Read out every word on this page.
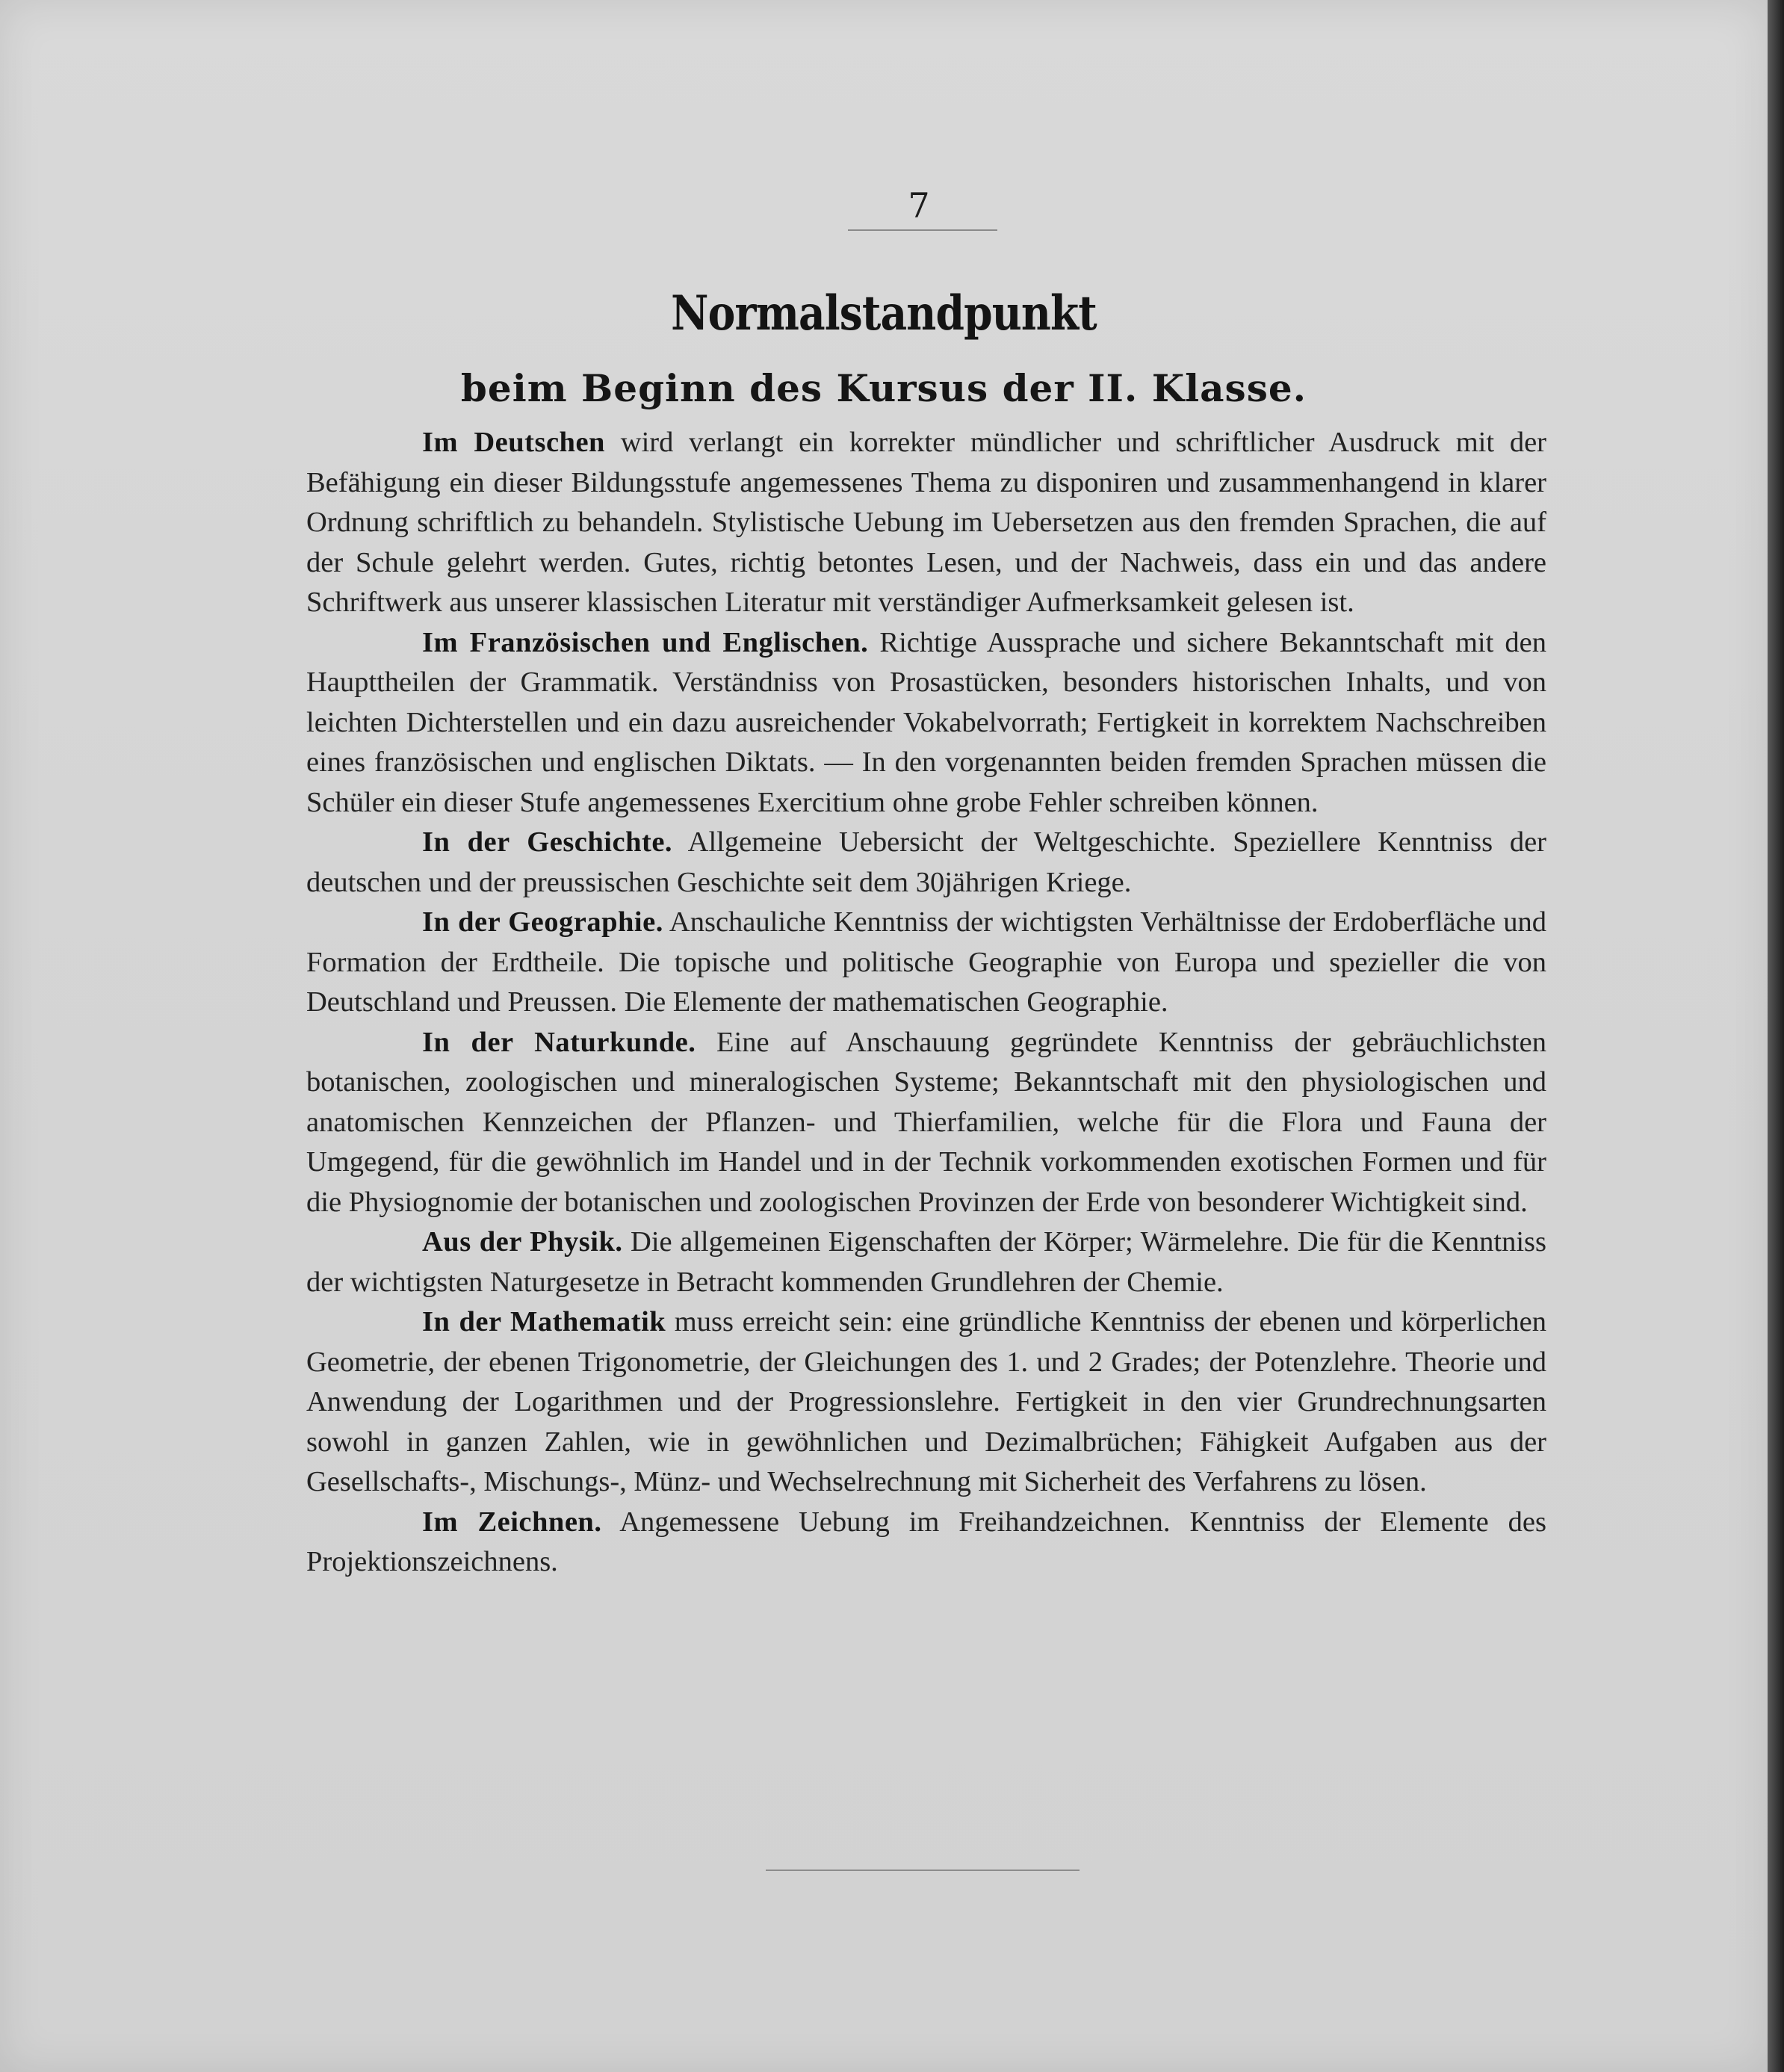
7
Normalstandpunkt
beim Beginn des Kursus der II. Klasse.

Im Deutschen wird verlangt ein korrekter mündlicher und schriftlicher Ausdruck mit der Befähigung ein dieser Bildungsstufe angemessenes Thema zu disponiren und zusammenhangend in klarer Ordnung schriftlich zu behandeln. Stylistische Uebung im Uebersetzen aus den fremden Sprachen, die auf der Schule gelehrt werden. Gutes, richtig betontes Lesen, und der Nachweis, dass ein und das andere Schriftwerk aus unserer klassischen Literatur mit verständiger Aufmerksamkeit gelesen ist.

Im Französischen und Englischen. Richtige Aussprache und sichere Bekanntschaft mit den Haupttheilen der Grammatik. Verständniss von Prosastücken, besonders historischen Inhalts, und von leichten Dichterstellen und ein dazu ausreichender Vokabelvorrath; Fertigkeit in korrektem Nachschreiben eines französischen und englischen Diktats. — In den vorgenannten beiden fremden Sprachen müssen die Schüler ein dieser Stufe angemessenes Exercitium ohne grobe Fehler schreiben können.

In der Geschichte. Allgemeine Uebersicht der Weltgeschichte. Speziellere Kenntniss der deutschen und der preussischen Geschichte seit dem 30jährigen Kriege.

In der Geographie. Anschauliche Kenntniss der wichtigsten Verhältnisse der Erdoberfläche und Formation der Erdtheile. Die topische und politische Geographie von Europa und spezieller die von Deutschland und Preussen. Die Elemente der mathematischen Geographie.

In der Naturkunde. Eine auf Anschauung gegründete Kenntniss der gebräuchlichsten botanischen, zoologischen und mineralogischen Systeme; Bekanntschaft mit den physiologischen und anatomischen Kennzeichen der Pflanzen- und Thierfamilien, welche für die Flora und Fauna der Umgegend, für die gewöhnlich im Handel und in der Technik vorkommenden exotischen Formen und für die Physiognomie der botanischen und zoologischen Provinzen der Erde von besonderer Wichtigkeit sind.

Aus der Physik. Die allgemeinen Eigenschaften der Körper; Wärmelehre. Die für die Kenntniss der wichtigsten Naturgesetze in Betracht kommenden Grundlehren der Chemie.

In der Mathematik muss erreicht sein: eine gründliche Kenntniss der ebenen und körperlichen Geometrie, der ebenen Trigonometrie, der Gleichungen des 1. und 2 Grades; der Potenzlehre. Theorie und Anwendung der Logarithmen und der Progressionslehre. Fertigkeit in den vier Grundrechnungsarten sowohl in ganzen Zahlen, wie in gewöhnlichen und Dezimalbrüchen; Fähigkeit Aufgaben aus der Gesellschafts-, Mischungs-, Münz- und Wechselrechnung mit Sicherheit des Verfahrens zu lösen.

Im Zeichnen. Angemessene Uebung im Freihandzeichnen. Kenntniss der Elemente des Projektionszeichnens.
